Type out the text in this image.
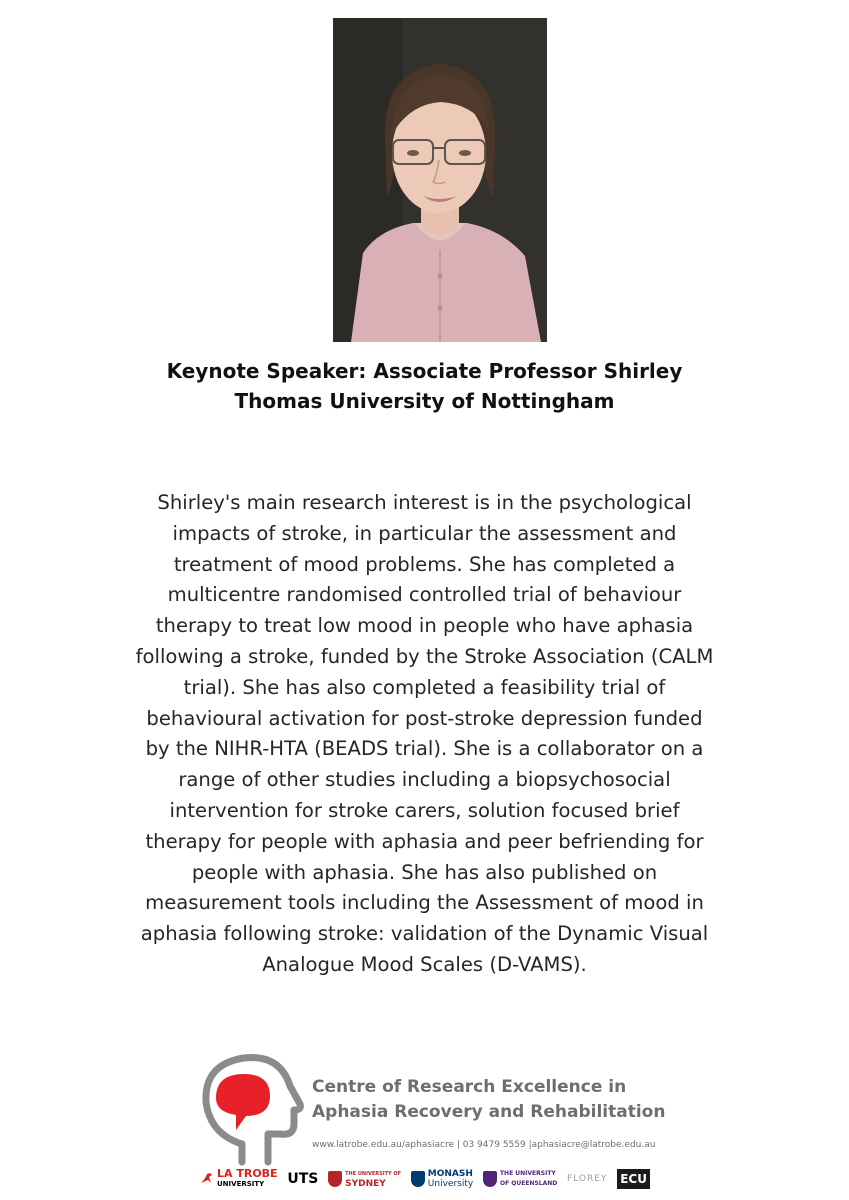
Keynote Speaker: Associate Professor Shirley
Thomas University of Nottingham
Shirley's main research interest is in the psychological
impacts of stroke, in particular the assessment and
treatment of mood problems. She has completed a
multicentre randomised controlled trial of behaviour
therapy to treat low mood in people who have aphasia
following a stroke, funded by the Stroke Association (CALM
trial). She has also completed a feasibility trial of
behavioural activation for post-stroke depression funded
by the NIHR-HTA (BEADS trial). She is a collaborator on a
range of other studies including a biopsychosocial
intervention for stroke carers, solution focused brief
therapy for people with aphasia and peer befriending for
people with aphasia. She has also published on
measurement tools including the Assessment of mood in
aphasia following stroke: validation of the Dynamic Visual
Analogue Mood Scales (D-VAMS).
Centre of Research Excellence in
Aphasia Recovery and Rehabilitation
www.latrobe.edu.au/aphasiacre | 03 9479 5559 |aphasiacre@latrobe.edu.au
LA TROBE
UNIVERSITY	UTS	THE UNIVERSITY OF
SYDNEY
MONASH
University
THE UNIVERSITY
OF QUEENSLAND FLOREY ECU
